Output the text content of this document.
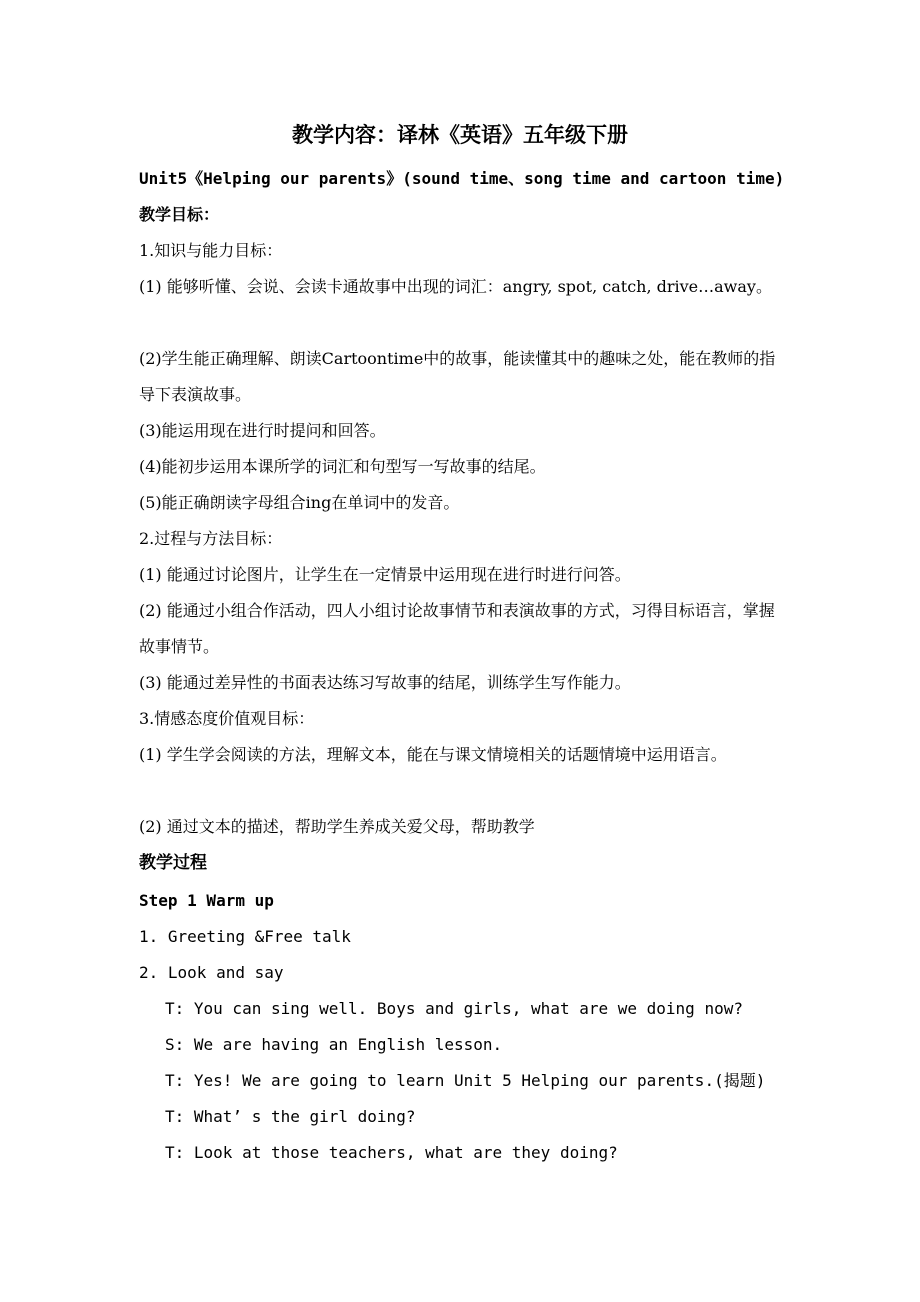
教学内容：译林《英语》五年级下册
Unit5《Helping our parents》(sound time、song time and cartoon time)
教学目标：
1.知识与能力目标：
(1) 能够听懂、会说、会读卡通故事中出现的词汇：angry, spot, catch, drive…away。
(2)学生能正确理解、朗读Cartoontime中的故事，能读懂其中的趣味之处，能在教师的指导下表演故事。
(3)能运用现在进行时提问和回答。
(4)能初步运用本课所学的词汇和句型写一写故事的结尾。
(5)能正确朗读字母组合ing在单词中的发音。
2.过程与方法目标：
(1) 能通过讨论图片，让学生在一定情景中运用现在进行时进行问答。
(2) 能通过小组合作活动，四人小组讨论故事情节和表演故事的方式，习得目标语言，掌握故事情节。
(3) 能通过差异性的书面表达练习写故事的结尾，训练学生写作能力。
3.情感态度价值观目标：
(1) 学生学会阅读的方法，理解文本，能在与课文情境相关的话题情境中运用语言。
(2) 通过文本的描述，帮助学生养成关爱父母，帮助教学
教学过程
Step 1 Warm up
1. Greeting &Free talk
2. Look and say
T: You can sing well. Boys and girls, what are we doing now?
S: We are having an English lesson.
T: Yes! We are going to learn Unit 5 Helping our parents.(揭题)
T: What’ s the girl doing?
T: Look at those teachers, what are they doing?
